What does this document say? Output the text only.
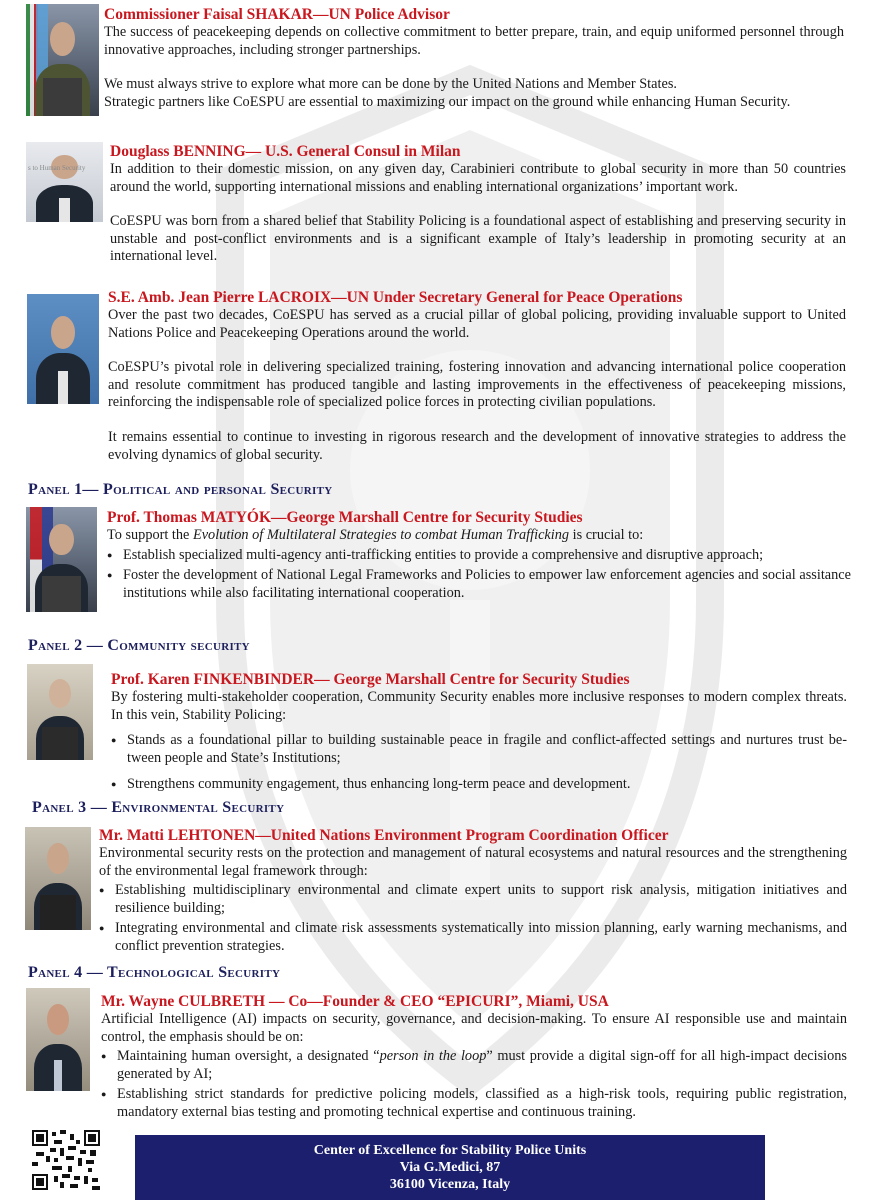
Commissioner Faisal SHAKAR—UN Police Advisor

The success of peacekeeping depends on collective commitment to better prepare, train, and equip uniformed personnel through innovative approaches, including stronger partnerships.

We must always strive to explore what more can be done by the United Nations and Member States.
Strategic partners like CoESPU are essential to maximizing our impact on the ground while enhancing Human Security.

s to Human Security

Douglass BENNING— U.S. General Consul in Milan

In addition to their domestic mission, on any given day, Carabinieri contribute to global security in more than 50 countries around the world, supporting international missions and enabling international organizations’ important work.

CoESPU was born from a shared belief that Stability Policing is a foundational aspect of establishing and preserving security in unstable and post-conflict environments and is a significant example of Italy’s leadership in promoting security at an international level.

S.E. Amb. Jean Pierre LACROIX—UN Under Secretary General for Peace Operations

Over the past two decades, CoESPU has served as a crucial pillar of global policing, providing invaluable support to United Nations Police and Peacekeeping Operations around the world.

CoESPU’s pivotal role in delivering specialized training, fostering innovation and advancing international police cooperation and resolute commitment has produced tangible and lasting improvements in the effectiveness of peacekeeping missions, reinforcing the indispensable role of specialized police forces in protecting civilian populations.

It remains essential to continue to investing in rigorous research and the development of innovative strategies to address the evolving dynamics of global security.

Panel 1— Political and personal Security

Prof. Thomas MATYÓK—George Marshall Centre for Security Studies

To support the Evolution of Multilateral Strategies to combat Human Trafficking is crucial to:

● Establish specialized multi-agency anti-trafficking entities to provide a comprehensive and disruptive approach;
● Foster the development of National Legal Frameworks and Policies to empower law enforcement agencies and social assitance institutions while also facilitating international cooperation.
Panel 2 — Community security

Prof. Karen FINKENBINDER— George Marshall Centre for Security Studies

By fostering multi-stakeholder cooperation, Community Security enables more inclusive responses to modern complex threats. In this vein, Stability Policing:

● Stands as a foundational pillar to building sustainable peace in fragile and conflict-affected settings and nurtures trust be-tween people and State’s Institutions;
● Strengthens community engagement, thus enhancing long-term peace and development.
Panel 3 — Environmental Security

Mr. Matti LEHTONEN—United Nations Environment Program Coordination Officer

Environmental security rests on the protection and management of natural ecosystems and natural resources and the strengthening of the environmental legal framework through:

● Establishing multidisciplinary environmental and climate expert units to support risk analysis, mitigation initiatives and resilience building;
● Integrating environmental and climate risk assessments systematically into mission planning, early warning mechanisms, and conflict prevention strategies.
Panel 4 — Technological Security

Mr. Wayne CULBRETH — Co—Founder & CEO “EPICURI”, Miami, USA

Artificial Intelligence (AI) impacts on security, governance, and decision-making. To ensure AI responsible use and maintain control, the emphasis should be on:

● Maintaining human oversight, a designated “person in the loop” must provide a digital sign-off for all high-impact decisions generated by AI;
● Establishing strict standards for predictive policing models, classified as a high-risk tools, requiring public registration, mandatory external bias testing and promoting technical expertise and continuous training.
Center of Excellence for Stability Police Units
Via G.Medici, 87
36100 Vicenza, Italy
